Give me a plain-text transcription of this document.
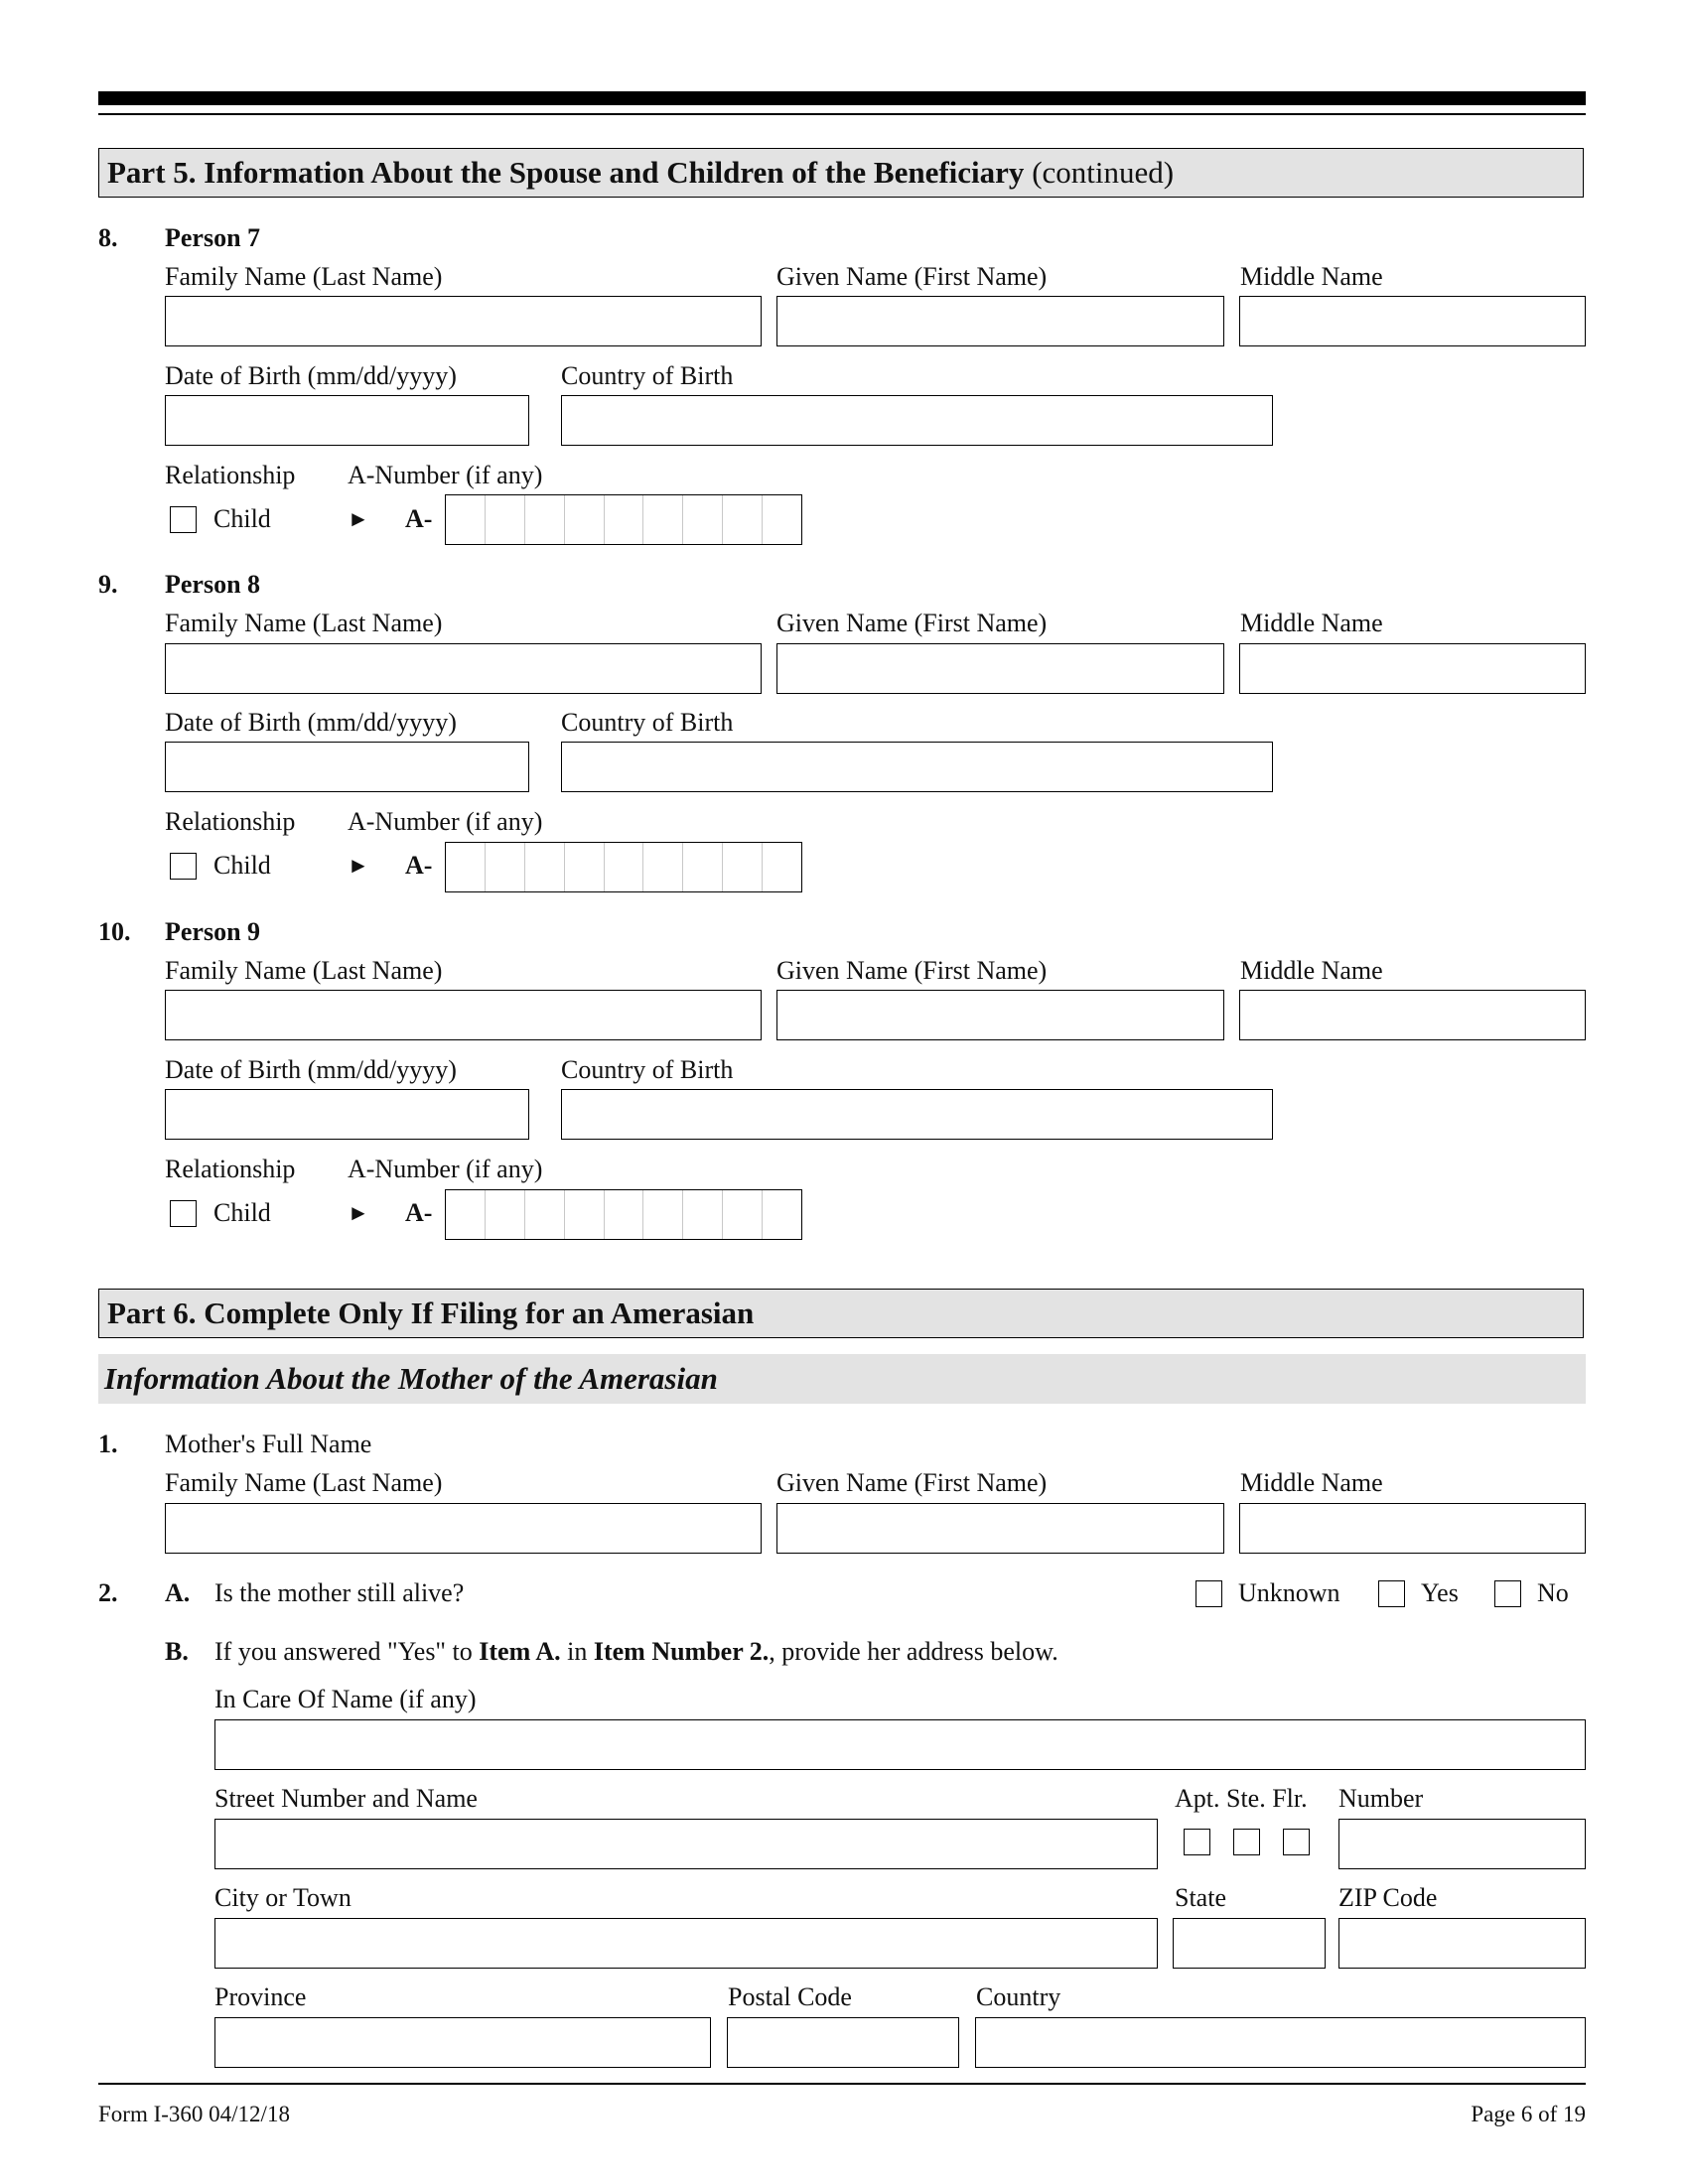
Part 5. Information About the Spouse and Children of the Beneficiary (continued)
8. Person 7
Family Name (Last Name)	Given Name (First Name)	Middle Name
Date of Birth (mm/dd/yyyy)	Country of Birth
Relationship A-Number (if any)
Child	► A-
9. Person 8
Family Name (Last Name)	Given Name (First Name)	Middle Name
Date of Birth (mm/dd/yyyy)	Country of Birth
Relationship A-Number (if any)
Child	► A-
10. Person 9
Family Name (Last Name)	Given Name (First Name)	Middle Name
Date of Birth (mm/dd/yyyy)	Country of Birth
Relationship A-Number (if any)
Child	► A-
Part 6. Complete Only If Filing for an Amerasian
Information About the Mother of the Amerasian
1. Mother's Full Name
Family Name (Last Name)	Given Name (First Name)	Middle Name
2. A. Is the mother still alive?	Unknown	Yes	No
B. If you answered "Yes" to Item A. in Item Number 2., provide her address below.
In Care Of Name (if any)
Street Number and Name	Apt. Ste. Flr. Number
City or Town	State	ZIP Code
Province	Postal Code	Country
Form I-360 04/12/18	Page 6 of 19
